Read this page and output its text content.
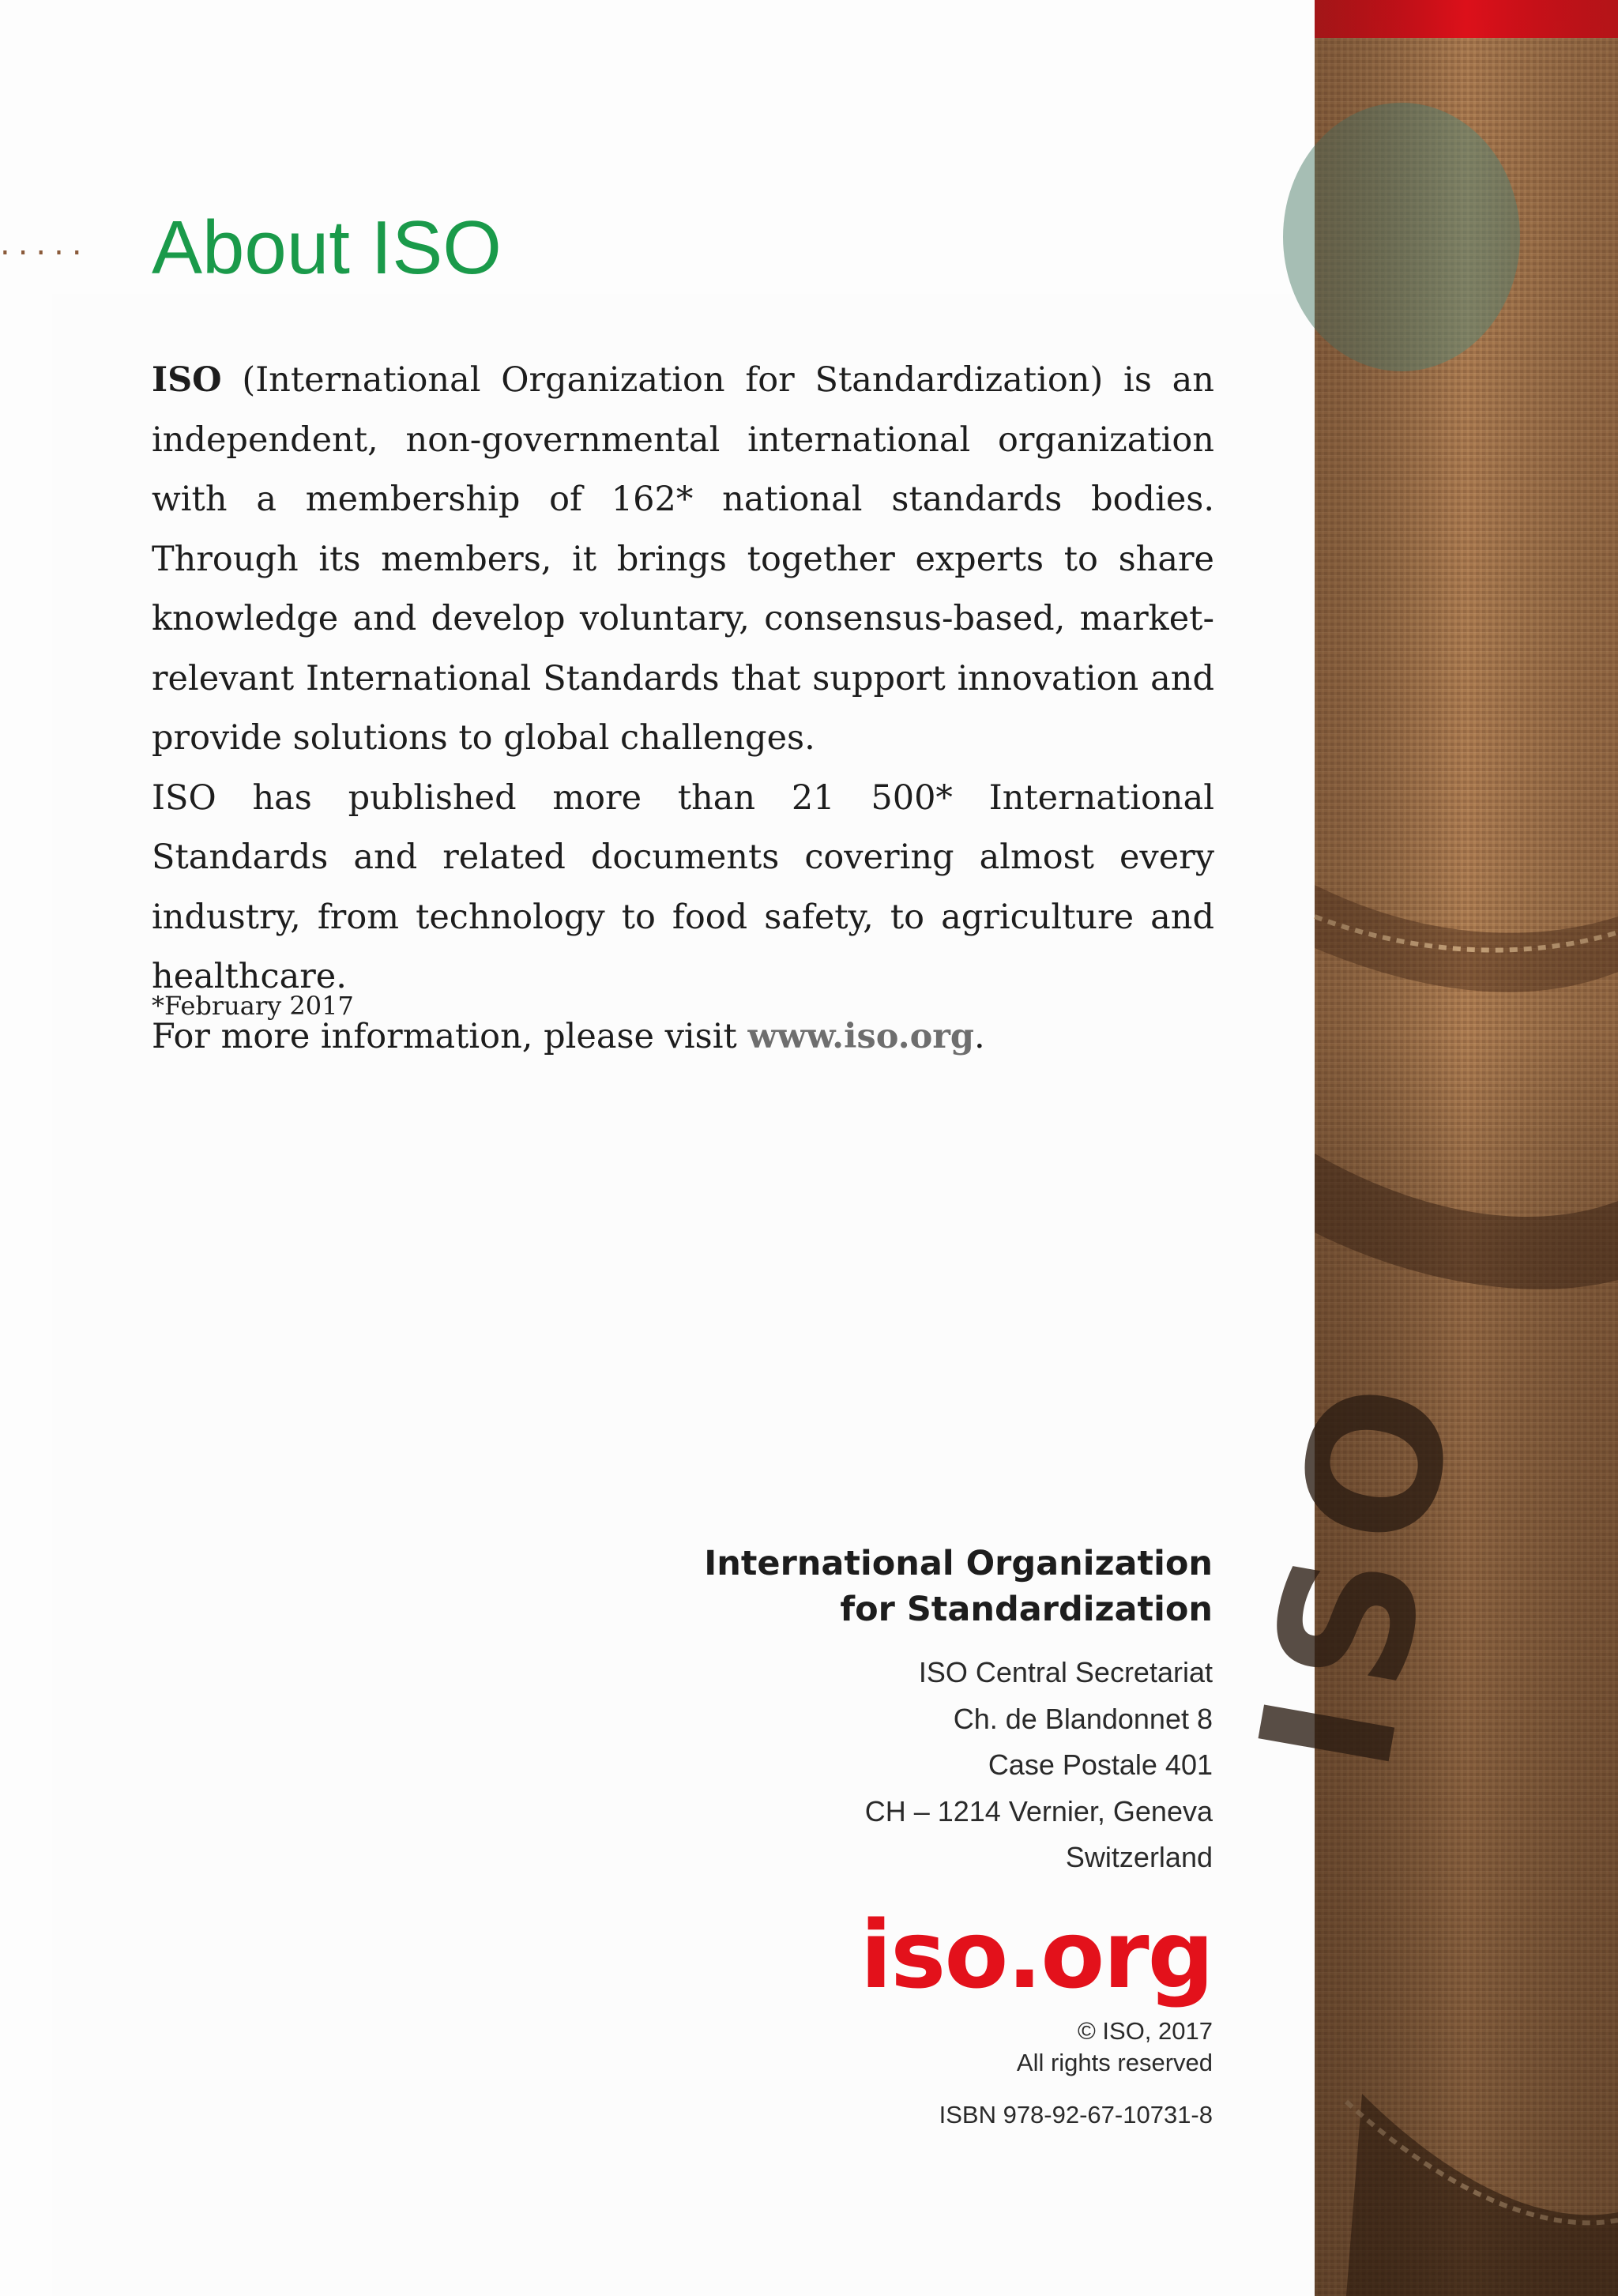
..... About ISO

ISO (International Organization for Standardization) is an independent, non-governmental international organization with a membership of 162* national standards bodies. Through its members, it brings together experts to share knowledge and develop voluntary, consensus-based, market-relevant International Standards that support innovation and provide solutions to global challenges.

ISO has published more than 21 500* International Standards and related documents covering almost every industry, from technology to food safety, to agriculture and healthcare.

For more information, please visit www.iso.org.

*February 2017
International Organization
for Standardization
ISO Central Secretariat
Ch. de Blandonnet 8
Case Postale 401
CH – 1214 Vernier, Geneva
Switzerland
iso.org
© ISO, 2017
All rights reserved
ISBN 978-92-67-10731-8
ISO
